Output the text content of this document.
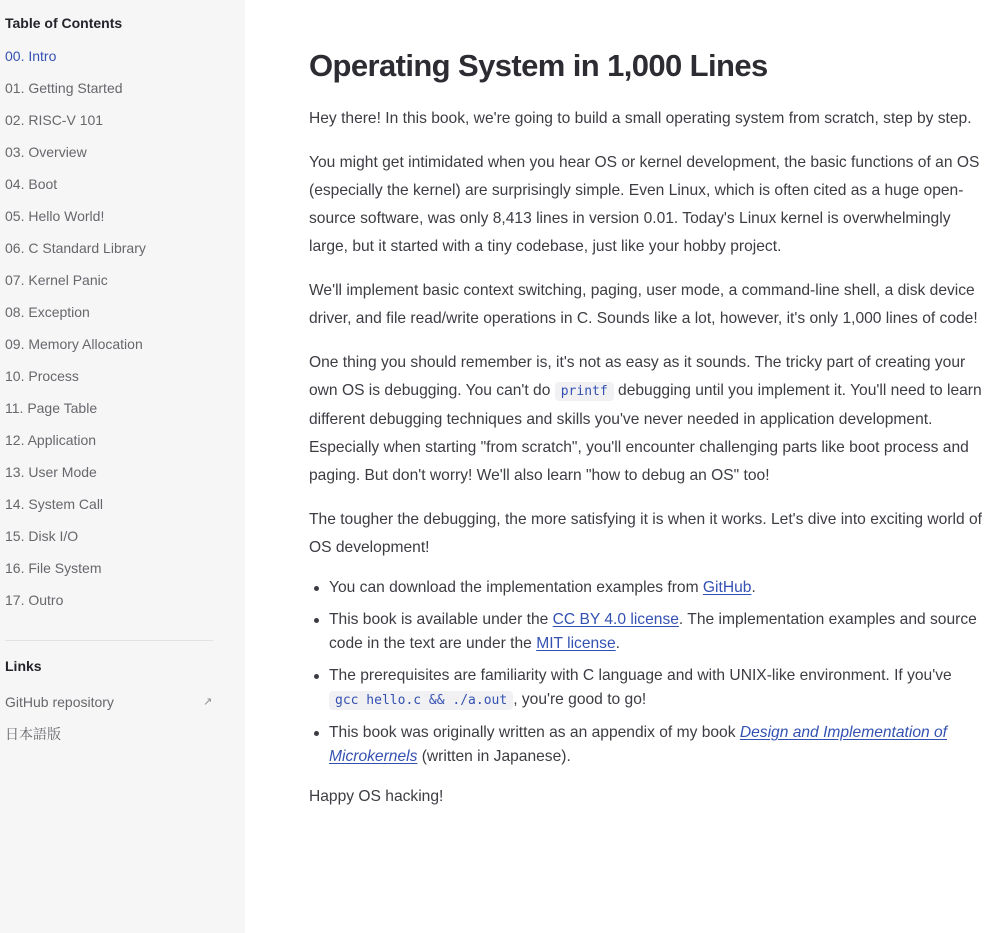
Table of Contents
00. Intro
01. Getting Started
02. RISC-V 101
03. Overview
04. Boot
05. Hello World!
06. C Standard Library
07. Kernel Panic
08. Exception
09. Memory Allocation
10. Process
11. Page Table
12. Application
13. User Mode
14. System Call
15. Disk I/O
16. File System
17. Outro
Links
GitHub repository	↗
日本語版
Operating System in 1,000 Lines

Hey there! In this book, we're going to build a small operating system from scratch, step by step.

You might get intimidated when you hear OS or kernel development, the basic functions of an OS (especially the kernel) are surprisingly simple. Even Linux, which is often cited as a huge open-source software, was only 8,413 lines in version 0.01. Today's Linux kernel is overwhelmingly large, but it started with a tiny codebase, just like your hobby project.

We'll implement basic context switching, paging, user mode, a command-line shell, a disk device driver, and file read/write operations in C. Sounds like a lot, however, it's only 1,000 lines of code!

One thing you should remember is, it's not as easy as it sounds. The tricky part of creating your own OS is debugging. You can't do printf debugging until you implement it. You'll need to learn different debugging techniques and skills you've never needed in application development. Especially when starting "from scratch", you'll encounter challenging parts like boot process and paging. But don't worry! We'll also learn "how to debug an OS" too!

The tougher the debugging, the more satisfying it is when it works. Let's dive into exciting world of OS development!

You can download the implementation examples from GitHub.
This book is available under the CC BY 4.0 license. The implementation examples and source code in the text are under the MIT license.
The prerequisites are familiarity with C language and with UNIX-like environment. If you've gcc hello.c && ./a.out , you're good to go!
This book was originally written as an appendix of my book Design and Implementation of Microkernels (written in Japanese).

Happy OS hacking!
